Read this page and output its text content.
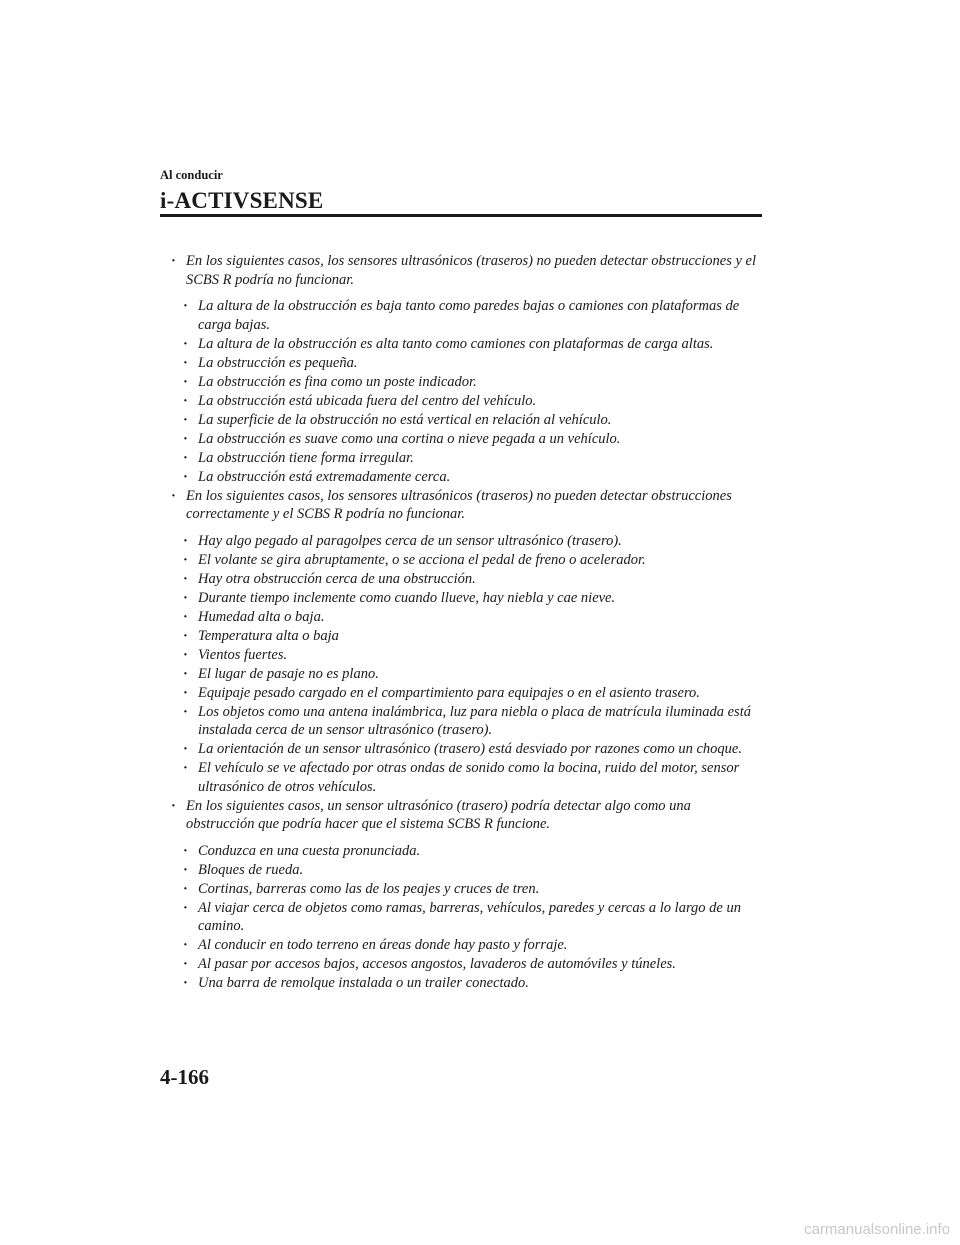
Al conducir
i-ACTIVSENSE
· En los siguientes casos, los sensores ultrasónicos (traseros) no pueden detectar obstrucciones y el SCBS R podría no funcionar.
· La altura de la obstrucción es baja tanto como paredes bajas o camiones con plataformas de carga bajas.
· La altura de la obstrucción es alta tanto como camiones con plataformas de carga altas.
· La obstrucción es pequeña.
· La obstrucción es fina como un poste indicador.
· La obstrucción está ubicada fuera del centro del vehículo.
· La superficie de la obstrucción no está vertical en relación al vehículo.
· La obstrucción es suave como una cortina o nieve pegada a un vehículo.
· La obstrucción tiene forma irregular.
· La obstrucción está extremadamente cerca.
· En los siguientes casos, los sensores ultrasónicos (traseros) no pueden detectar obstrucciones correctamente y el SCBS R podría no funcionar.
· Hay algo pegado al paragolpes cerca de un sensor ultrasónico (trasero).
· El volante se gira abruptamente, o se acciona el pedal de freno o acelerador.
· Hay otra obstrucción cerca de una obstrucción.
· Durante tiempo inclemente como cuando llueve, hay niebla y cae nieve.
· Humedad alta o baja.
· Temperatura alta o baja
· Vientos fuertes.
· El lugar de pasaje no es plano.
· Equipaje pesado cargado en el compartimiento para equipajes o en el asiento trasero.
· Los objetos como una antena inalámbrica, luz para niebla o placa de matrícula iluminada está instalada cerca de un sensor ultrasónico (trasero).
· La orientación de un sensor ultrasónico (trasero) está desviado por razones como un choque.
· El vehículo se ve afectado por otras ondas de sonido como la bocina, ruido del motor, sensor ultrasónico de otros vehículos.
· En los siguientes casos, un sensor ultrasónico (trasero) podría detectar algo como una obstrucción que podría hacer que el sistema SCBS R funcione.
· Conduzca en una cuesta pronunciada.
· Bloques de rueda.
· Cortinas, barreras como las de los peajes y cruces de tren.
· Al viajar cerca de objetos como ramas, barreras, vehículos, paredes y cercas a lo largo de un camino.
· Al conducir en todo terreno en áreas donde hay pasto y forraje.
· Al pasar por accesos bajos, accesos angostos, lavaderos de automóviles y túneles.
· Una barra de remolque instalada o un trailer conectado.
4-166
carmanualsonline.info
